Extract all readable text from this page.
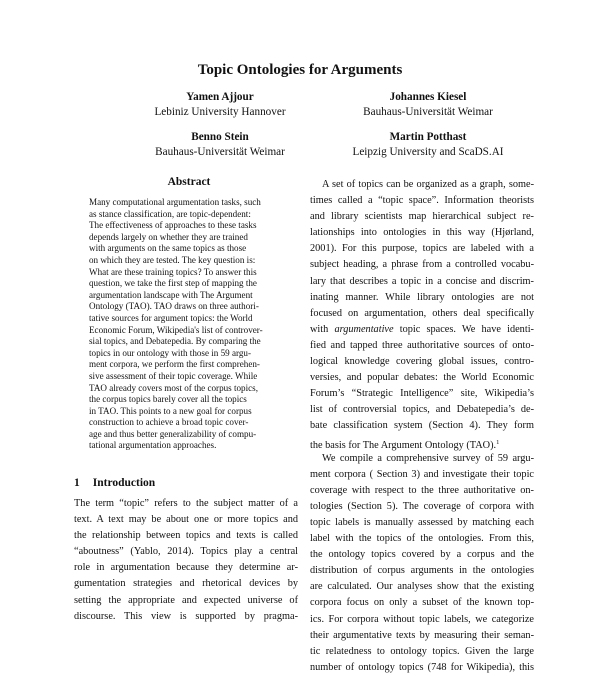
Topic Ontologies for Arguments
Yamen Ajjour
Lebiniz University Hannover
Johannes Kiesel
Bauhaus-Universität Weimar
Benno Stein
Bauhaus-Universität Weimar
Martin Potthast
Leipzig University and ScaDS.AI
Abstract
Many computational argumentation tasks, such
as stance classification, are topic-dependent:
The effectiveness of approaches to these tasks
depends largely on whether they are trained
with arguments on the same topics as those
on which they are tested. The key question is:
What are these training topics? To answer this
question, we take the first step of mapping the
argumentation landscape with The Argument
Ontology (TAO). TAO draws on three authori-
tative sources for argument topics: the World
Economic Forum, Wikipedia's list of controver-
sial topics, and Debatepedia. By comparing the
topics in our ontology with those in 59 argu-
ment corpora, we perform the first comprehen-
sive assessment of their topic coverage. While
TAO already covers most of the corpus topics,
the corpus topics barely cover all the topics
in TAO. This points to a new goal for corpus
construction to achieve a broad topic cover-
age and thus better generalizability of compu-
tational argumentation approaches.
1 Introduction
The term “topic” refers to the subject matter of a
text. A text may be about one or more topics and
the relationship between topics and texts is called
“aboutness” (Yablo, 2014). Topics play a central
role in argumentation because they determine ar-
gumentation strategies and rhetorical devices by
setting the appropriate and expected universe of
discourse. This view is supported by pragma-
A set of topics can be organized as a graph, some-
times called a “topic space”. Information theorists
and library scientists map hierarchical subject re-
lationships into ontologies in this way (Hjørland,
2001). For this purpose, topics are labeled with a
subject heading, a phrase from a controlled vocabu-
lary that describes a topic in a concise and discrim-
inating manner. While library ontologies are not
focused on argumentation, others deal specifically
with argumentative topic spaces. We have identi-
fied and tapped three authoritative sources of onto-
logical knowledge covering global issues, contro-
versies, and popular debates: the World Economic
Forum’s “Strategic Intelligence” site, Wikipedia’s
list of controversial topics, and Debatepedia’s de-
bate classification system (Section 4). They form
the basis for The Argument Ontology (TAO).$^1$
We compile a comprehensive survey of 59 argu-
ment corpora ( Section 3) and investigate their topic
coverage with respect to the three authoritative on-
tologies (Section 5). The coverage of corpora with
topic labels is manually assessed by matching each
label with the topics of the ontologies. From this,
the ontology topics covered by a corpus and the
distribution of corpus arguments in the ontologies
are calculated. Our analyses show that the existing
corpora focus on only a subset of the known top-
ics. For corpora without topic labels, we categorize
their argumentative texts by measuring their seman-
tic relatedness to ontology topics. Given the large
number of ontology topics (748 for Wikipedia), this
